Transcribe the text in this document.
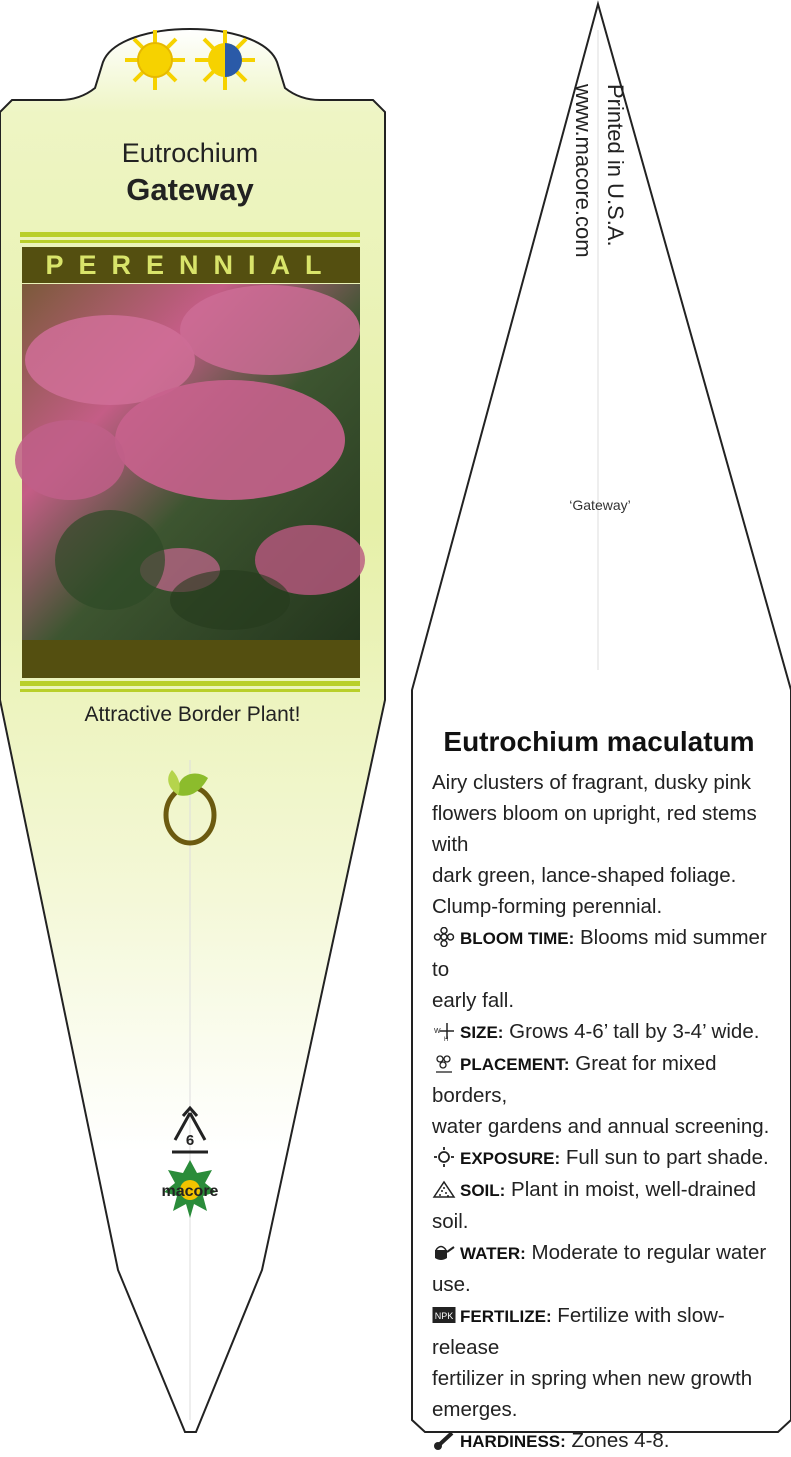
6
Eutrochium
Gateway
PERENNIAL
Attractive Border Plant!
macore
Printed in U.S.A.
www.macore.com
‘Gateway’
Eutrochium maculatum

Airy clusters of fragrant, dusky pink

flowers bloom on upright, red stems with

dark green, lance-shaped foliage.

Clump-forming perennial.

BLOOM TIME: Blooms mid summer to

early fall.

W
H SIZE: Grows 4-6’ tall by 3-4’ wide.

PLACEMENT: Great for mixed borders,

water gardens and annual screening.

EXPOSURE: Full sun to part shade.

SOIL: Plant in moist, well-drained

soil.

WATER: Moderate to regular water

use.

NPK FERTILIZE: Fertilize with slow-release

fertilizer in spring when new growth

emerges.

HARDINESS: Zones 4-8.
